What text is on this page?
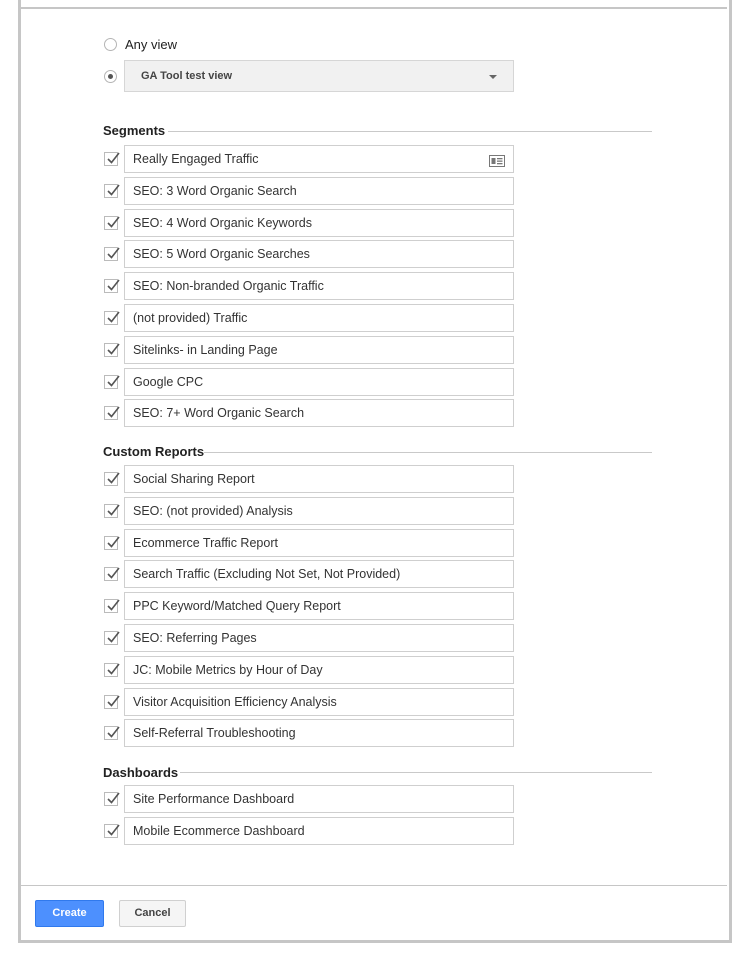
Any view
GA Tool test view
Segments
Really Engaged Traffic
SEO: 3 Word Organic Search
SEO: 4 Word Organic Keywords
SEO: 5 Word Organic Searches
SEO: Non-branded Organic Traffic
(not provided) Traffic
Sitelinks- in Landing Page
Google CPC
SEO: 7+ Word Organic Search
Custom Reports
Social Sharing Report
SEO: (not provided) Analysis
Ecommerce Traffic Report
Search Traffic (Excluding Not Set, Not Provided)
PPC Keyword/Matched Query Report
SEO: Referring Pages
JC: Mobile Metrics by Hour of Day
Visitor Acquisition Efficiency Analysis
Self-Referral Troubleshooting
Dashboards
Site Performance Dashboard
Mobile Ecommerce Dashboard
Create	Cancel
